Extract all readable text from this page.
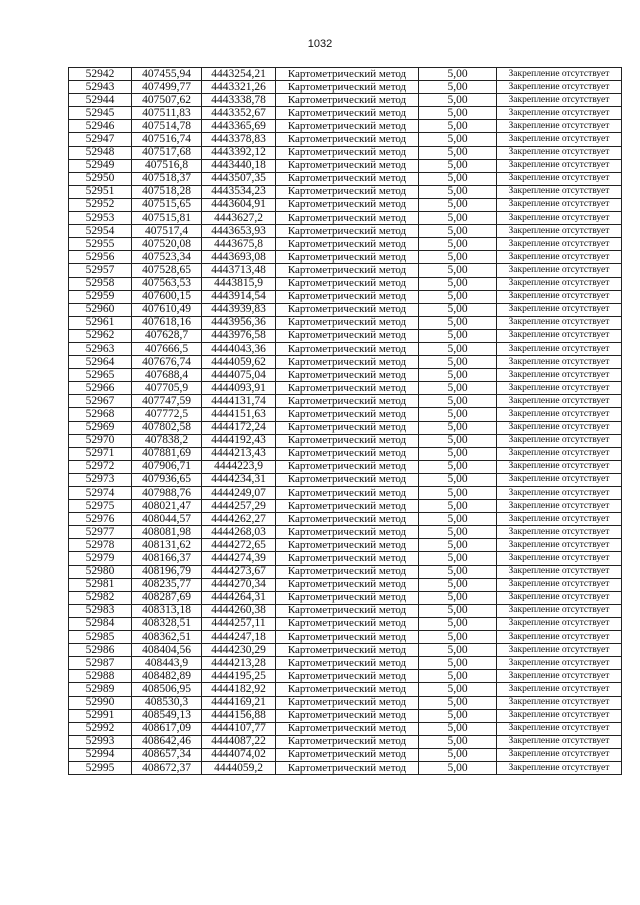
1032
52942	407455,94	4443254,21	Картометрический метод	5,00	Закрепление отсутствует
52943	407499,77	4443321,26	Картометрический метод	5,00	Закрепление отсутствует
52944	407507,62	4443338,78	Картометрический метод	5,00	Закрепление отсутствует
52945	407511,83	4443352,67	Картометрический метод	5,00	Закрепление отсутствует
52946	407514,78	4443365,69	Картометрический метод	5,00	Закрепление отсутствует
52947	407516,74	4443378,83	Картометрический метод	5,00	Закрепление отсутствует
52948	407517,68	4443392,12	Картометрический метод	5,00	Закрепление отсутствует
52949	407516,8	4443440,18	Картометрический метод	5,00	Закрепление отсутствует
52950	407518,37	4443507,35	Картометрический метод	5,00	Закрепление отсутствует
52951	407518,28	4443534,23	Картометрический метод	5,00	Закрепление отсутствует
52952	407515,65	4443604,91	Картометрический метод	5,00	Закрепление отсутствует
52953	407515,81	4443627,2	Картометрический метод	5,00	Закрепление отсутствует
52954	407517,4	4443653,93	Картометрический метод	5,00	Закрепление отсутствует
52955	407520,08	4443675,8	Картометрический метод	5,00	Закрепление отсутствует
52956	407523,34	4443693,08	Картометрический метод	5,00	Закрепление отсутствует
52957	407528,65	4443713,48	Картометрический метод	5,00	Закрепление отсутствует
52958	407563,53	4443815,9	Картометрический метод	5,00	Закрепление отсутствует
52959	407600,15	4443914,54	Картометрический метод	5,00	Закрепление отсутствует
52960	407610,49	4443939,83	Картометрический метод	5,00	Закрепление отсутствует
52961	407618,16	4443956,36	Картометрический метод	5,00	Закрепление отсутствует
52962	407628,7	4443976,58	Картометрический метод	5,00	Закрепление отсутствует
52963	407666,5	4444043,36	Картометрический метод	5,00	Закрепление отсутствует
52964	407676,74	4444059,62	Картометрический метод	5,00	Закрепление отсутствует
52965	407688,4	4444075,04	Картометрический метод	5,00	Закрепление отсутствует
52966	407705,9	4444093,91	Картометрический метод	5,00	Закрепление отсутствует
52967	407747,59	4444131,74	Картометрический метод	5,00	Закрепление отсутствует
52968	407772,5	4444151,63	Картометрический метод	5,00	Закрепление отсутствует
52969	407802,58	4444172,24	Картометрический метод	5,00	Закрепление отсутствует
52970	407838,2	4444192,43	Картометрический метод	5,00	Закрепление отсутствует
52971	407881,69	4444213,43	Картометрический метод	5,00	Закрепление отсутствует
52972	407906,71	4444223,9	Картометрический метод	5,00	Закрепление отсутствует
52973	407936,65	4444234,31	Картометрический метод	5,00	Закрепление отсутствует
52974	407988,76	4444249,07	Картометрический метод	5,00	Закрепление отсутствует
52975	408021,47	4444257,29	Картометрический метод	5,00	Закрепление отсутствует
52976	408044,57	4444262,27	Картометрический метод	5,00	Закрепление отсутствует
52977	408081,98	4444268,03	Картометрический метод	5,00	Закрепление отсутствует
52978	408131,62	4444272,65	Картометрический метод	5,00	Закрепление отсутствует
52979	408166,37	4444274,39	Картометрический метод	5,00	Закрепление отсутствует
52980	408196,79	4444273,67	Картометрический метод	5,00	Закрепление отсутствует
52981	408235,77	4444270,34	Картометрический метод	5,00	Закрепление отсутствует
52982	408287,69	4444264,31	Картометрический метод	5,00	Закрепление отсутствует
52983	408313,18	4444260,38	Картометрический метод	5,00	Закрепление отсутствует
52984	408328,51	4444257,11	Картометрический метод	5,00	Закрепление отсутствует
52985	408362,51	4444247,18	Картометрический метод	5,00	Закрепление отсутствует
52986	408404,56	4444230,29	Картометрический метод	5,00	Закрепление отсутствует
52987	408443,9	4444213,28	Картометрический метод	5,00	Закрепление отсутствует
52988	408482,89	4444195,25	Картометрический метод	5,00	Закрепление отсутствует
52989	408506,95	4444182,92	Картометрический метод	5,00	Закрепление отсутствует
52990	408530,3	4444169,21	Картометрический метод	5,00	Закрепление отсутствует
52991	408549,13	4444156,88	Картометрический метод	5,00	Закрепление отсутствует
52992	408617,09	4444107,77	Картометрический метод	5,00	Закрепление отсутствует
52993	408642,46	4444087,22	Картометрический метод	5,00	Закрепление отсутствует
52994	408657,34	4444074,02	Картометрический метод	5,00	Закрепление отсутствует
52995	408672,37	4444059,2	Картометрический метод	5,00	Закрепление отсутствует
